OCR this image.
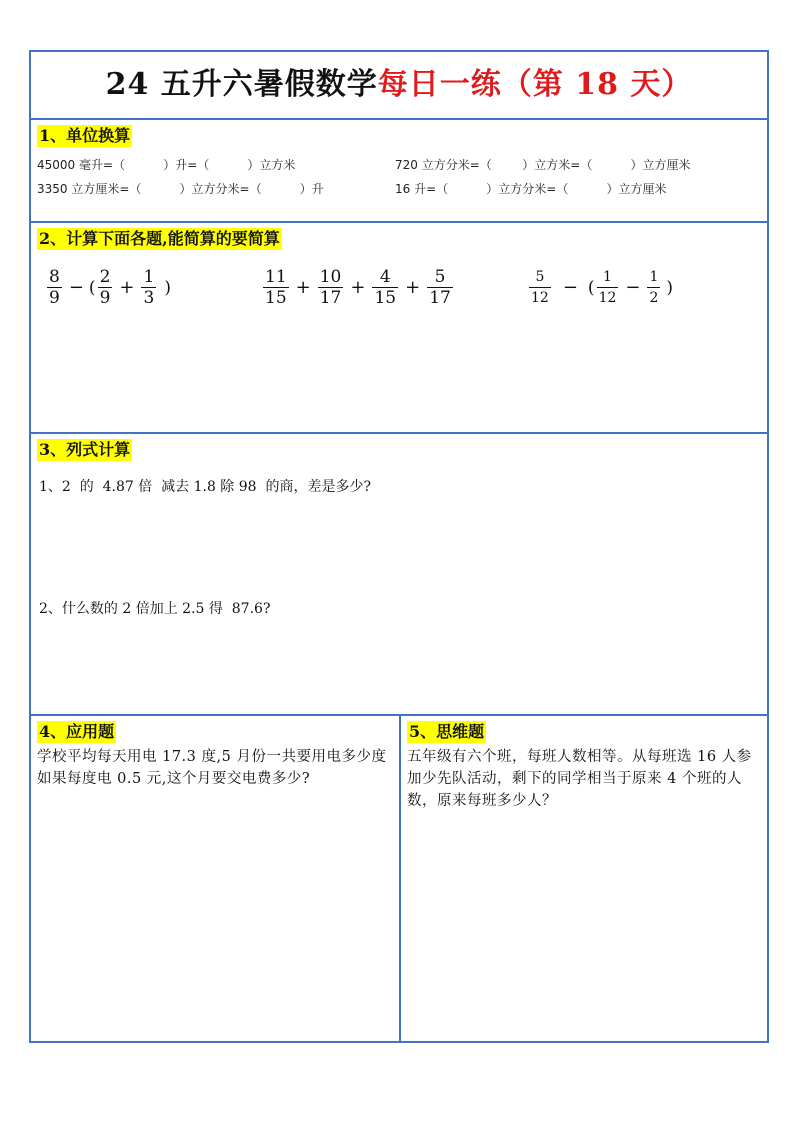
24 五升六暑假数学每日一练（第 18 天）
1、单位换算
45000 毫升=（          ）升=（          ）立方米	720 立方分米=（        ）立方米=（          ）立方厘米
3350 立方厘米=（          ）立方分米=（          ）升	16 升=（          ）立方分米=（          ）立方厘米
2、计算下面各题,能简算的要简算
$\frac{8}{9}$ − ( $\frac{2}{9} + \frac{1}{3}$ )	$\frac{11}{15} + \frac{10}{17} + \frac{4}{15} + \frac{5}{17}$	$\frac{5}{12}$ − ( $\frac{1}{12} - \frac{1}{2}$ )
3、列式计算
1、2  的  4.87 倍  减去 1.8 除 98  的商，差是多少?
2、什么数的 2 倍加上 2.5 得  87.6?
4、应用题
学校平均每天用电 17.3 度,5 月份一共要用电多少度 如果每度电 0.5 元,这个月要交电费多少?
5、思维题
五年级有六个班，每班人数相等。从每班选 16 人参加少先队活动，剩下的同学相当于原来 4 个班的人数，原来每班多少人？
